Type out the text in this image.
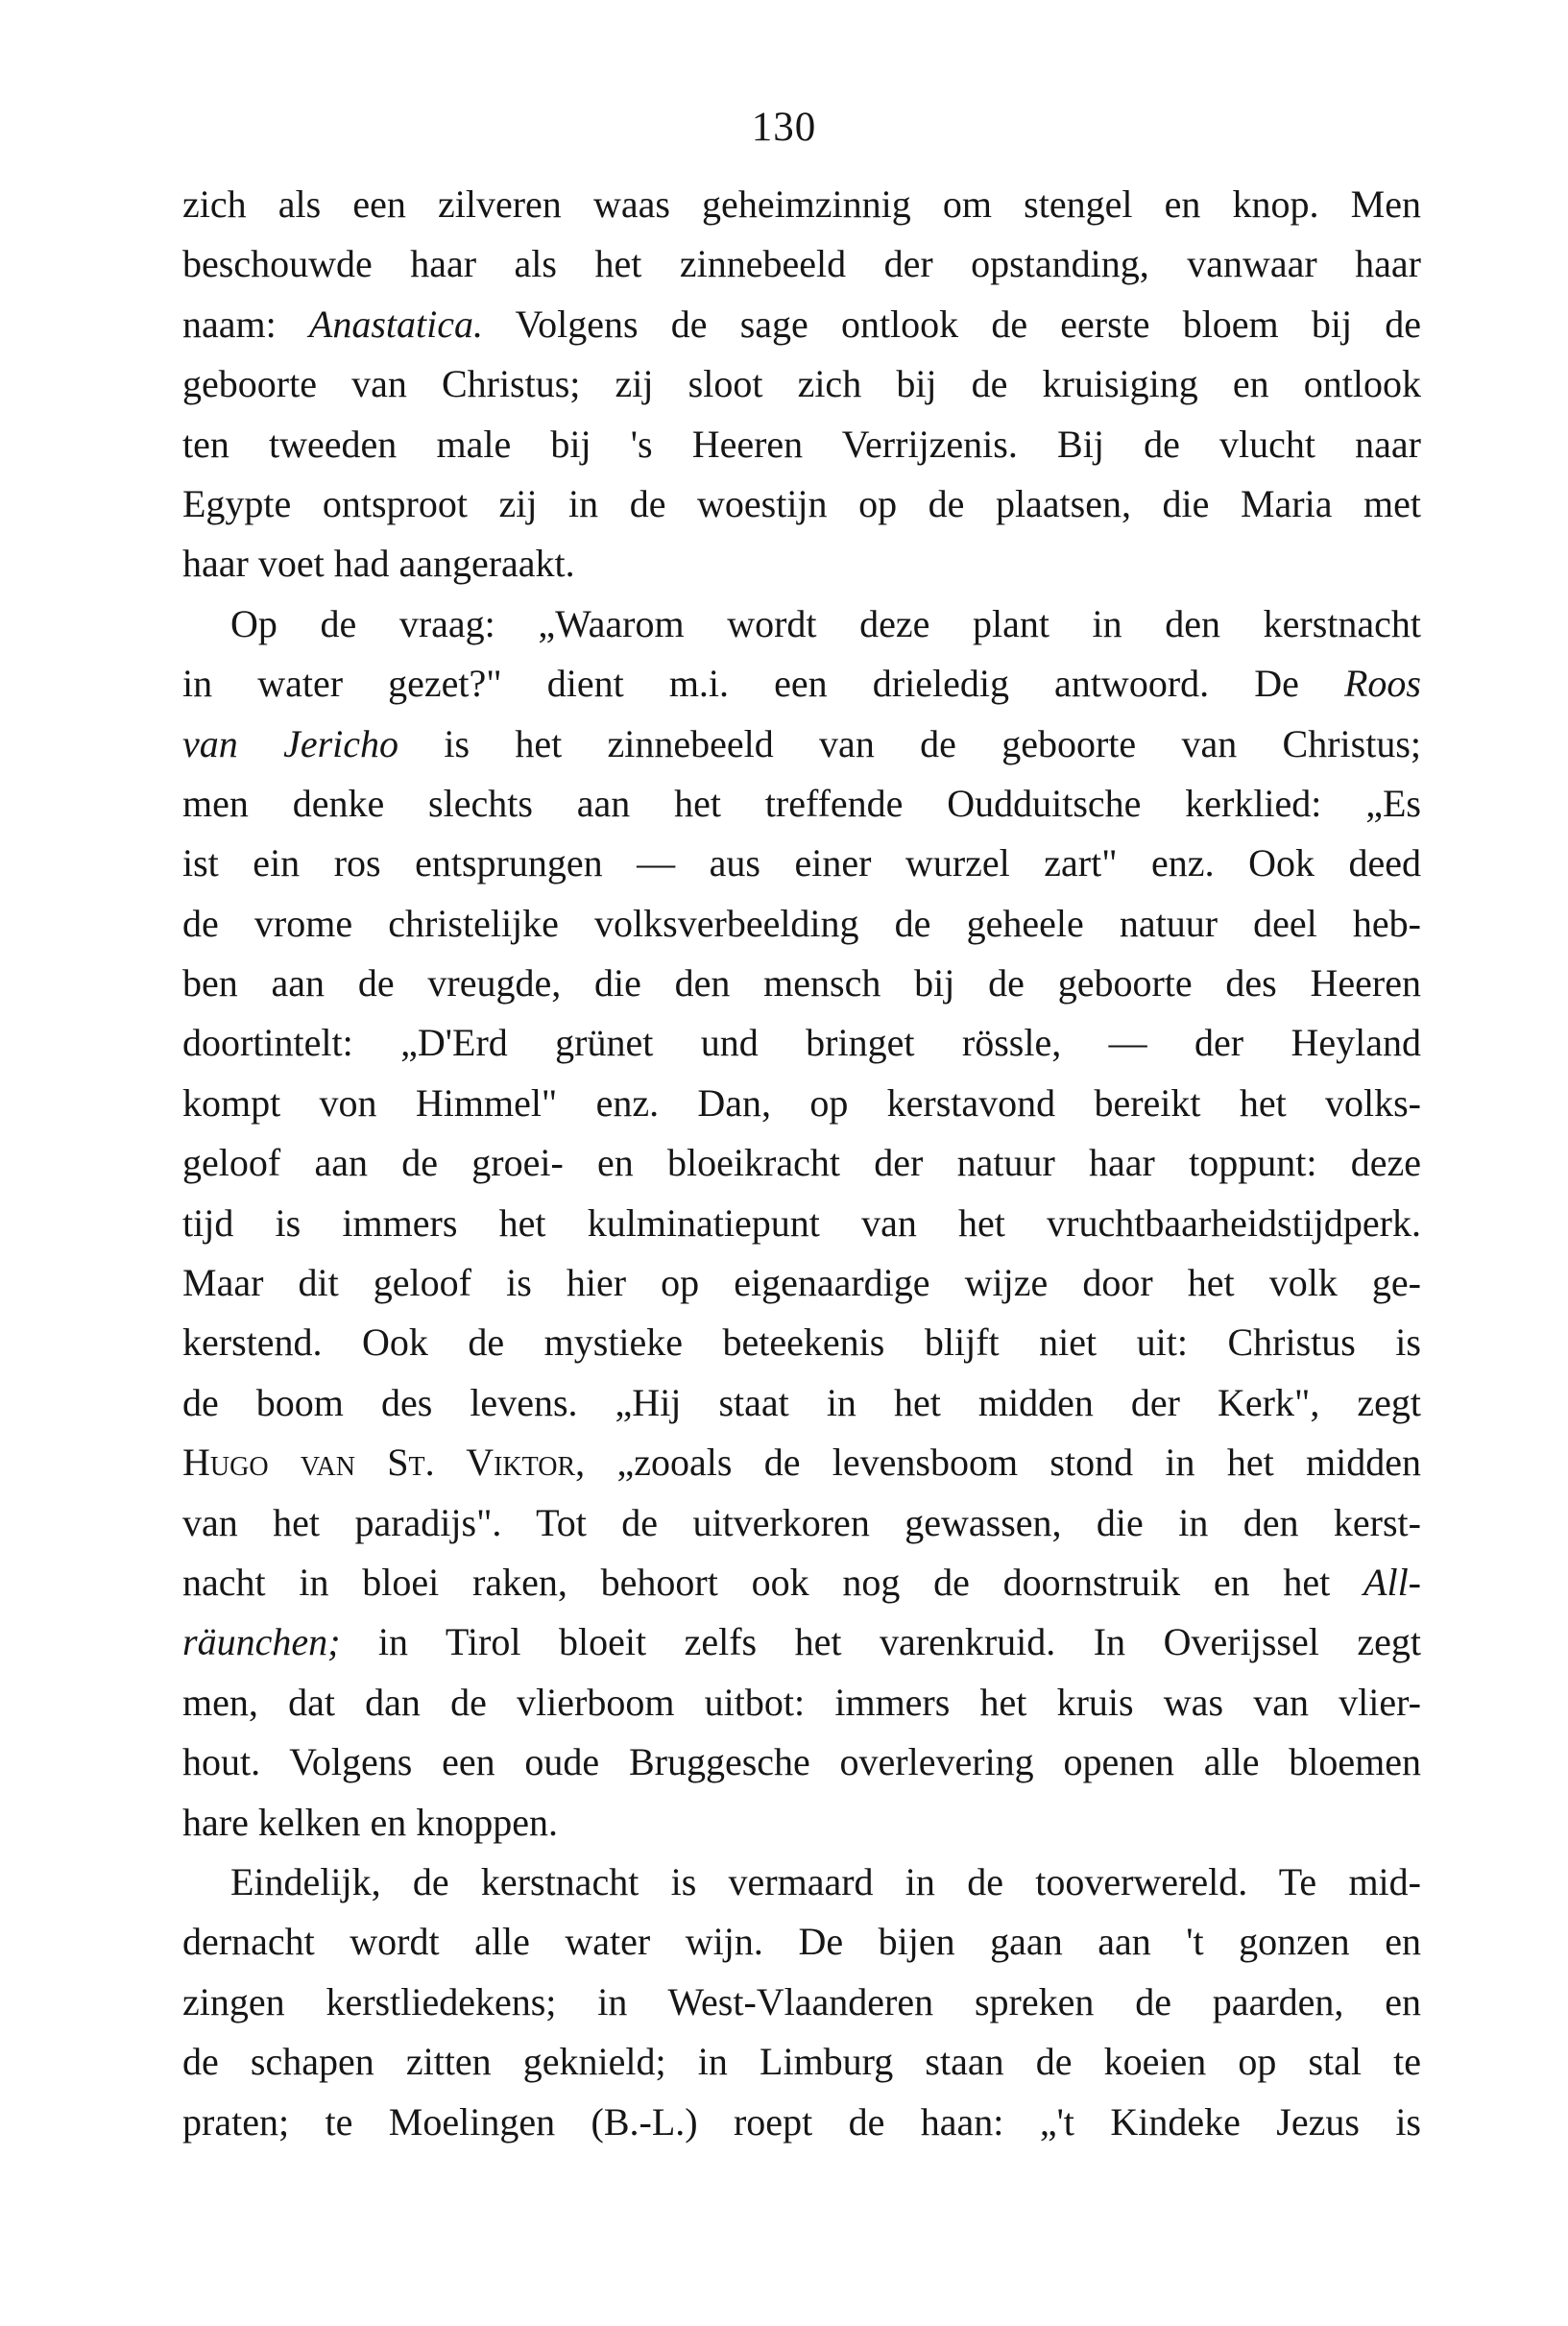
130

zich als een zilveren waas geheimzinnig om stengel en knop. Men
beschouwde haar als het zinnebeeld der opstanding, vanwaar haar
naam: Anastatica. Volgens de sage ontlook de eerste bloem bij de
geboorte van Christus; zij sloot zich bij de kruisiging en ontlook
ten tweeden male bij 's Heeren Verrijzenis. Bij de vlucht naar
Egypte ontsproot zij in de woestijn op de plaatsen, die Maria met
haar voet had aangeraakt.
Op de vraag: „Waarom wordt deze plant in den kerstnacht
in water gezet?" dient m.i. een drieledig antwoord. De Roos
van Jericho is het zinnebeeld van de geboorte van Christus;
men denke slechts aan het treffende Oudduitsche kerklied: „Es
ist ein ros entsprungen — aus einer wurzel zart" enz. Ook deed
de vrome christelijke volksverbeelding de geheele natuur deel heb-
ben aan de vreugde, die den mensch bij de geboorte des Heeren
doortintelt: „D'Erd grünet und bringet rössle, — der Heyland
kompt von Himmel" enz. Dan, op kerstavond bereikt het volks-
geloof aan de groei- en bloeikracht der natuur haar toppunt: deze
tijd is immers het kulminatiepunt van het vruchtbaarheidstijdperk.
Maar dit geloof is hier op eigenaardige wijze door het volk ge-
kerstend. Ook de mystieke beteekenis blijft niet uit: Christus is
de boom des levens. „Hij staat in het midden der Kerk", zegt
Hugo van St. Viktor, „zooals de levensboom stond in het midden
van het paradijs". Tot de uitverkoren gewassen, die in den kerst-
nacht in bloei raken, behoort ook nog de doornstruik en het All-
räunchen; in Tirol bloeit zelfs het varenkruid. In Overijssel zegt
men, dat dan de vlierboom uitbot: immers het kruis was van vlier-
hout. Volgens een oude Bruggesche overlevering openen alle bloemen
hare kelken en knoppen.
Eindelijk, de kerstnacht is vermaard in de tooverwereld. Te mid-
dernacht wordt alle water wijn. De bijen gaan aan 't gonzen en
zingen kerstliedekens; in West-Vlaanderen spreken de paarden, en
de schapen zitten geknield; in Limburg staan de koeien op stal te
praten; te Moelingen (B.-L.) roept de haan: „'t Kindeke Jezus is
